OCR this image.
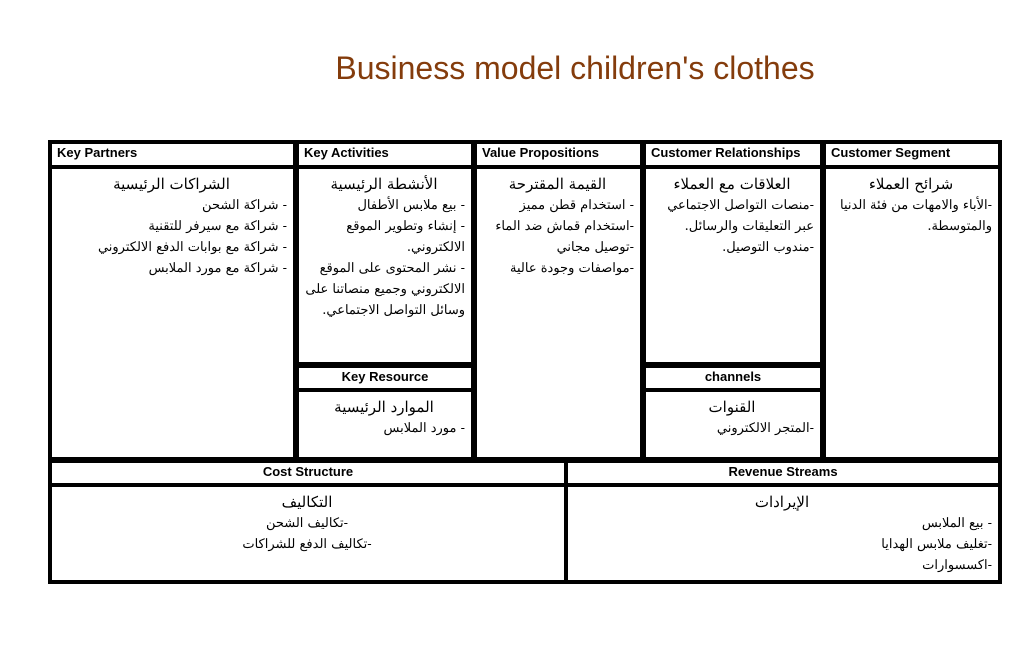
Business model children's clothes
Key Partners
الشراكات الرئيسية
- شراكة الشحن
- شراكة مع سيرفر للتقنية
- شراكة مع بوابات الدفع الالكتروني
- شراكة مع مورد الملابس
Key Activities
الأنشطة الرئيسية
- بيع ملابس الأطفال
- إنشاء وتطوير الموقع الالكتروني.
- نشر المحتوى على الموقع الالكتروني وجميع منصاتنا على وسائل التواصل الاجتماعي.
Key Resource
الموارد الرئيسية
- مورد الملابس
Value Propositions
القيمة المقترحة
- استخدام قطن مميز
-استخدام قماش ضد الماء
-توصيل مجاني
-مواصفات وجودة عالية
Customer Relationships
العلاقات مع العملاء
-منصات التواصل الاجتماعي عبر التعليقات والرسائل.
-مندوب التوصيل.
channels
القنوات
-المتجر الالكتروني
Customer Segment
شرائح العملاء
-الأباء والامهات من فئة الدنيا والمتوسطة.
Cost Structure
التكاليف
-تكاليف الشحن
-تكاليف الدفع للشراكات
Revenue Streams
الإيرادات
- بيع الملابس
-تغليف ملابس الهدايا
-اكسسوارات
